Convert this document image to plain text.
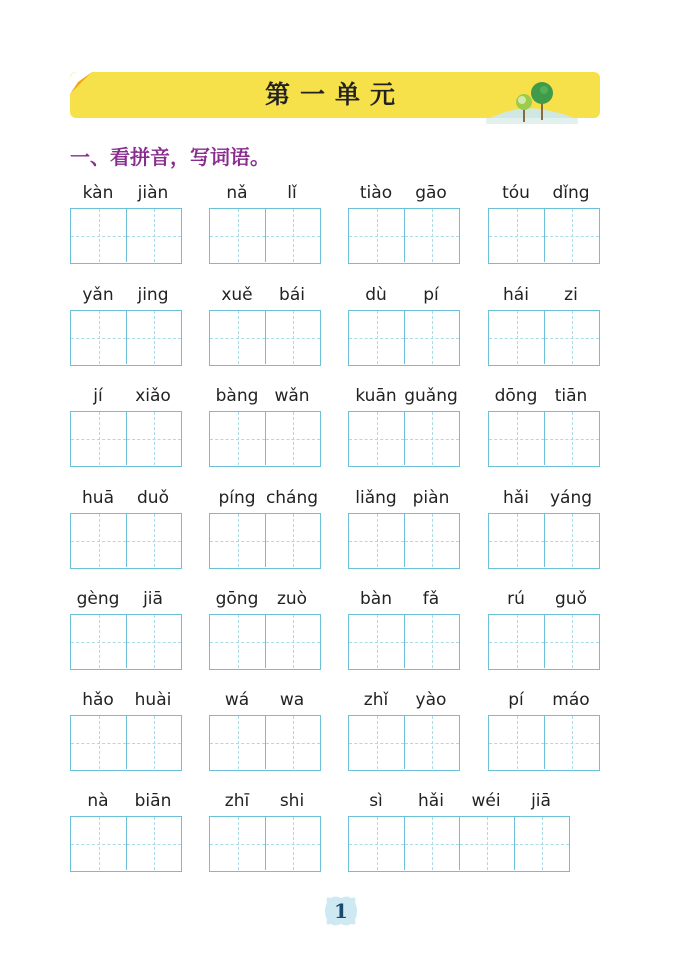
第一单元
一、看拼音，写词语。
kàn	jiàn	nǎ	lǐ	tiào	gāo	tóu	dǐng
yǎn	jing	xuě	bái	dù	pí	hái	zi
jí	xiǎo	bàng wǎn	kuān guǎng	dōng	tiān
huā	duǒ	píng cháng	liǎng piàn	hǎi	yáng
gèng	jiā	gōng	zuò	bàn	fǎ	rú	guǒ
hǎo	huài	wá	wa	zhǐ	yào	pí	máo
nà	biān	zhī	shi	sì	hǎi	wéi	jiā
1
